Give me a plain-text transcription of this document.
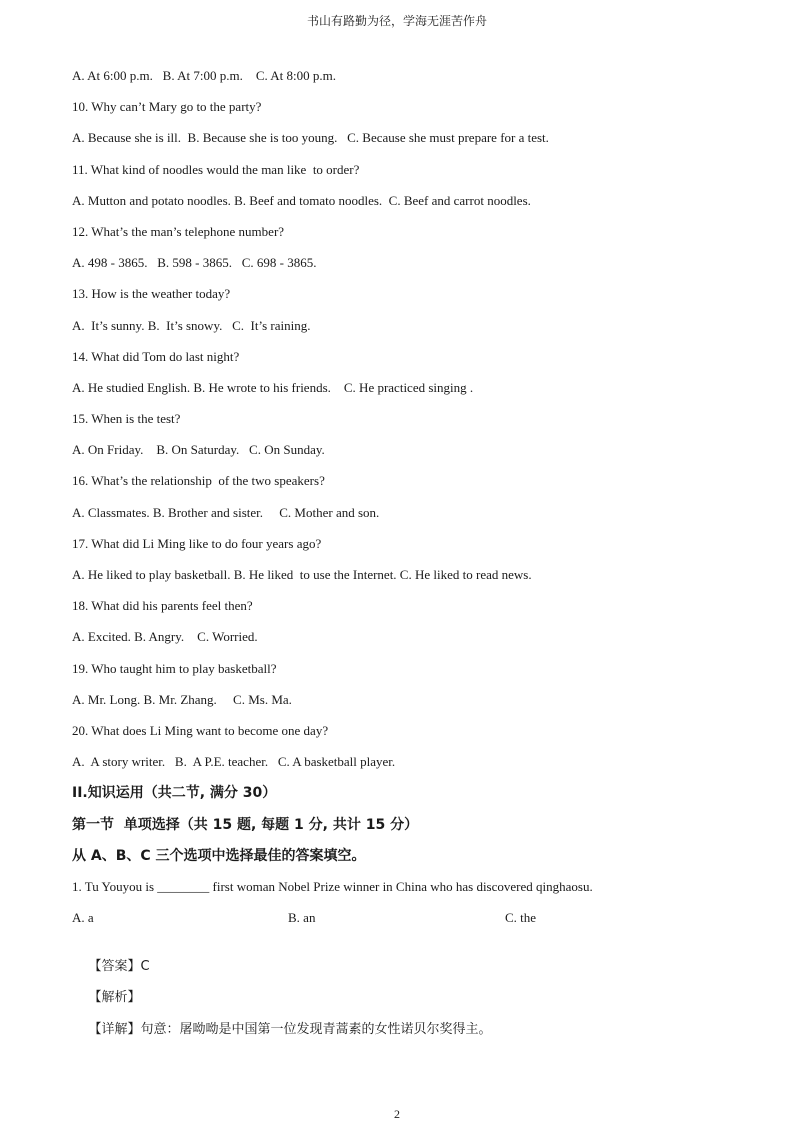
书山有路勤为径，学海无涯苦作舟
A. At 6:00 p.m.   B. At 7:00 p.m.    C. At 8:00 p.m.
10. Why can’t Mary go to the party?
A. Because she is ill.  B. Because she is too young.   C. Because she must prepare for a test.
11. What kind of noodles would the man like  to order?
A. Mutton and potato noodles. B. Beef and tomato noodles.  C. Beef and carrot noodles.
12. What’s the man’s telephone number?
A. 498 - 3865.   B. 598 - 3865.   C. 698 - 3865.
13. How is the weather today?
A.  It’s sunny. B.  It’s snowy.   C.  It’s raining.
14. What did Tom do last night?
A. He studied English. B. He wrote to his friends.    C. He practiced singing .
15. When is the test?
A. On Friday.    B. On Saturday.   C. On Sunday.
16. What’s the relationship  of the two speakers?
A. Classmates. B. Brother and sister.     C. Mother and son.
17. What did Li Ming like to do four years ago?
A. He liked to play basketball. B. He liked  to use the Internet. C. He liked to read news.
18. What did his parents feel then?
A. Excited. B. Angry.    C. Worried.
19. Who taught him to play basketball?
A. Mr. Long. B. Mr. Zhang.     C. Ms. Ma.
20. What does Li Ming want to become one day?
A.  A story writer.   B.  A P.E. teacher.   C. A basketball player.
II.知识运用（共二节, 满分 30）
第一节  单项选择（共 15 题, 每题 1 分, 共计 15 分）
从 A、B、C 三个选项中选择最佳的答案填空。
1. Tu Youyou is ________ first woman Nobel Prize winner in China who has discovered qinghaosu.
A. a	B. an	C. the

【答案】C

【解析】

【详解】句意：屠呦呦是中国第一位发现青蒿素的女性诺贝尔奖得主。

2
